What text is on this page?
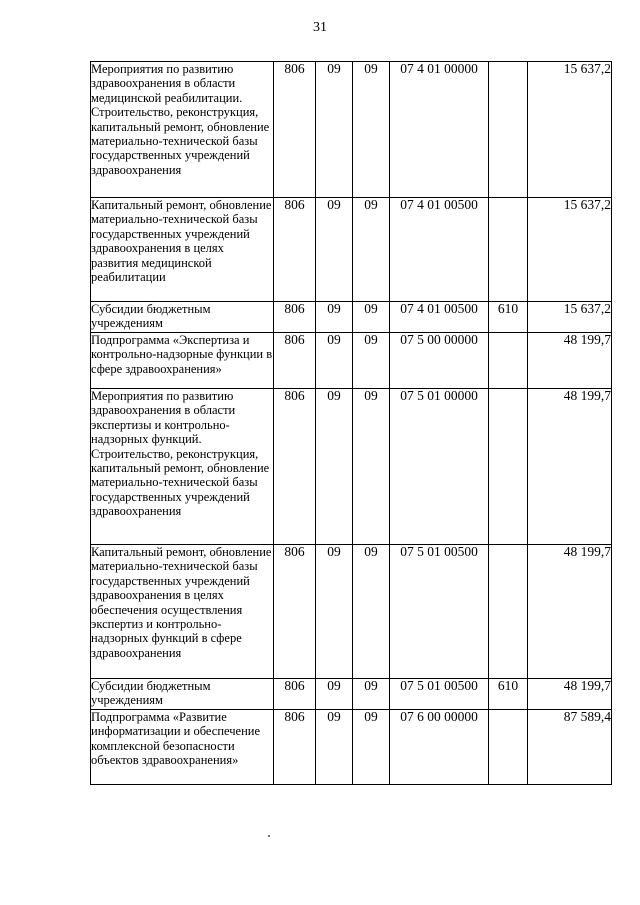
31
Мероприятия по развитию здравоохранения в области медицинской реабилитации. Строительство, реконструкция, капитальный ремонт, обновление материально-технической базы государственных учреждений здравоохранения	806	09	09	07 4 01 00000		15 637,2
Капитальный ремонт, обновление материально-технической базы государственных учреждений здравоохранения в целях развития медицинской реабилитации	806	09	09	07 4 01 00500		15 637,2
Субсидии бюджетным учреждениям	806	09	09	07 4 01 00500	610	15 637,2
Подпрограмма «Экспертиза и контрольно-надзорные функции в сфере здравоохранения»	806	09	09	07 5 00 00000		48 199,7
Мероприятия по развитию здравоохранения в области экспертизы и контрольно-надзорных функций. Строительство, реконструкция, капитальный ремонт, обновление материально-технической базы государственных учреждений здравоохранения	806	09	09	07 5 01 00000		48 199,7
Капитальный ремонт, обновление материально-технической базы государственных учреждений здравоохранения в целях обеспечения осуществления экспертиз и контрольно-надзорных функций в сфере здравоохранения	806	09	09	07 5 01 00500		48 199,7
Субсидии бюджетным учреждениям	806	09	09	07 5 01 00500	610	48 199,7
Подпрограмма «Развитие информатизации и обеспечение комплексной безопасности объектов здравоохранения»	806	09	09	07 6 00 00000		87 589,4
